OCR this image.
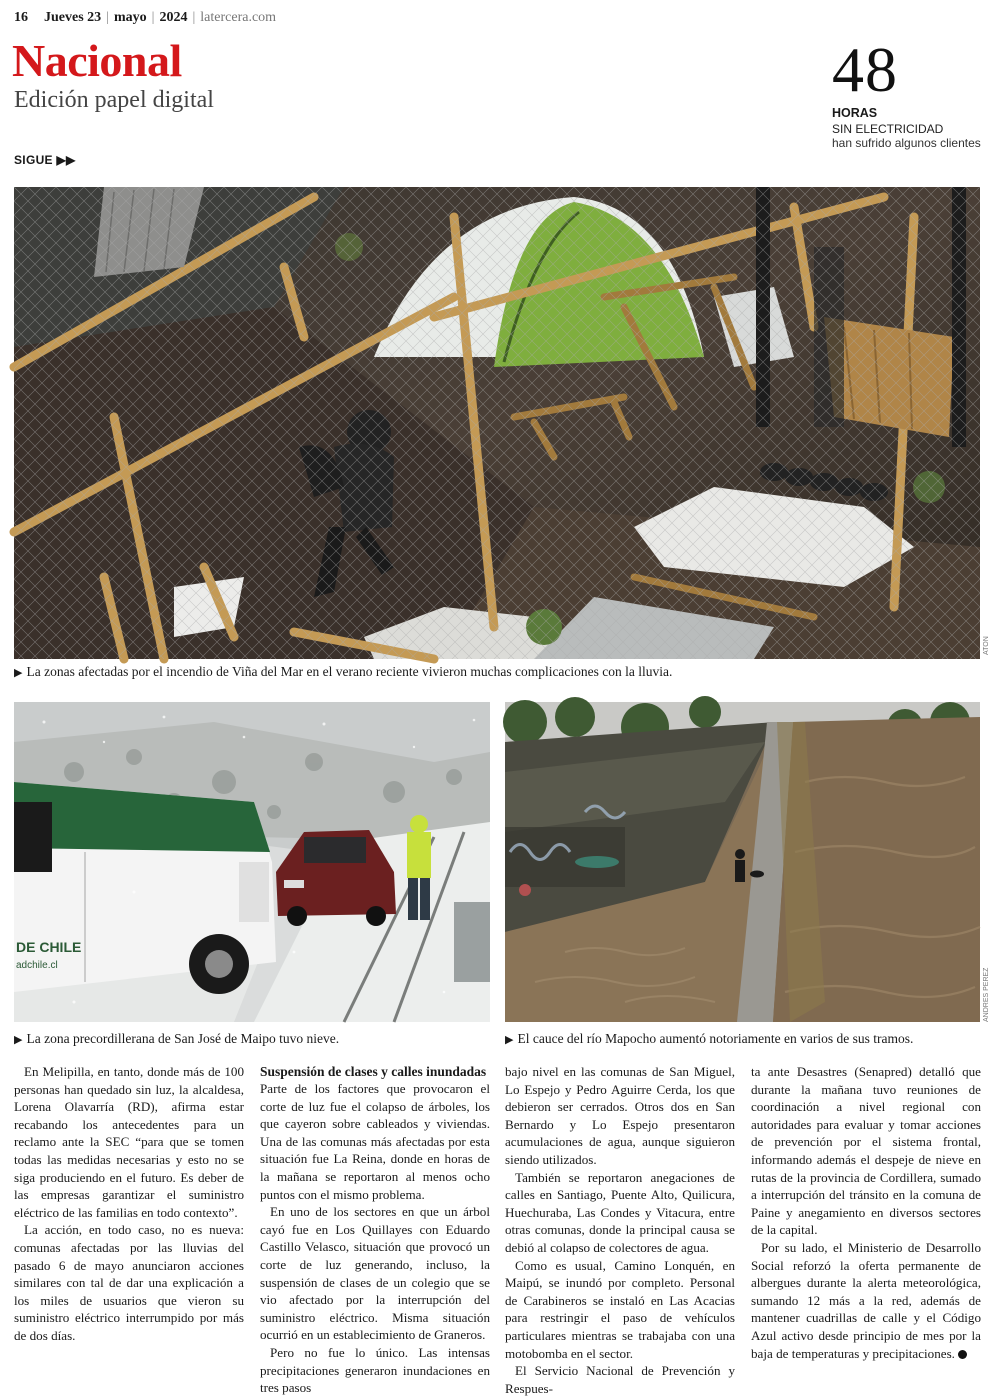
16 Jueves 23 | mayo | 2024 | latercera.com
Nacional
Edición papel digital	48
HORAS
SIN ELECTRICIDAD
han sufrido algunos clientes
SIGUE ▶▶
ATON
▶ La zonas afectadas por el incendio de Viña del Mar en el verano reciente vivieron muchas complicaciones con la lluvia.
DE CHILE
adchile.cl
▶ La zona precordillerana de San José de Maipo tuvo nieve.
ANDRES PEREZ
▶ El cauce del río Mapocho aumentó notoriamente en varios de sus tramos.

En Melipilla, en tanto, donde más de 100 personas han quedado sin luz, la alcaldesa, Lorena Olavarría (RD), afirma estar recabando los antecedentes para un reclamo ante la SEC “para que se tomen todas las medidas necesarias y esto no se siga produciendo en el futuro. Es deber de las empresas garantizar el suministro eléctrico de las familias en todo contexto”.

La acción, en todo caso, no es nueva: comunas afectadas por las lluvias del pasado 6 de mayo anunciaron acciones similares con tal de dar una explicación a los miles de usuarios que vieron su suministro eléctrico interrumpido por más de dos días.

Suspensión de clases y calles inundadas

Parte de los factores que provocaron el corte de luz fue el colapso de árboles, los que cayeron sobre cableados y viviendas. Una de las comunas más afectadas por esta situación fue La Reina, donde en horas de la mañana se reportaron al menos ocho puntos con el mismo problema.

En uno de los sectores en que un árbol cayó fue en Los Quillayes con Eduardo Castillo Velasco, situación que provocó un corte de luz generando, incluso, la suspensión de clases de un colegio que se vio afectado por la interrupción del suministro eléctrico. Misma situación ocurrió en un establecimiento de Graneros.

Pero no fue lo único. Las intensas precipitaciones generaron inundaciones en tres pasos

bajo nivel en las comunas de San Miguel, Lo Espejo y Pedro Aguirre Cerda, los que debieron ser cerrados. Otros dos en San Bernardo y Lo Espejo presentaron acumulaciones de agua, aunque siguieron siendo utilizados.

También se reportaron anegaciones de calles en Santiago, Puente Alto, Quilicura, Huechuraba, Las Condes y Vitacura, entre otras comunas, donde la principal causa se debió al colapso de colectores de agua.

Como es usual, Camino Lonquén, en Maipú, se inundó por completo. Personal de Carabineros se instaló en Las Acacias para restringir el paso de vehículos particulares mientras se trabajaba con una motobomba en el sector.

El Servicio Nacional de Prevención y Respues-

ta ante Desastres (Senapred) detalló que durante la mañana tuvo reuniones de coordinación a nivel regional con autoridades para evaluar y tomar acciones de prevención por el sistema frontal, informando además el despeje de nieve en rutas de la provincia de Cordillera, sumado a interrupción del tránsito en la comuna de Paine y anegamiento en diversos sectores de la capital.

Por su lado, el Ministerio de Desarrollo Social reforzó la oferta permanente de albergues durante la alerta meteorológica, sumando 12 más a la red, además de mantener cuadrillas de calle y el Código Azul activo desde principio de mes por la baja de temperaturas y precipitaciones.
